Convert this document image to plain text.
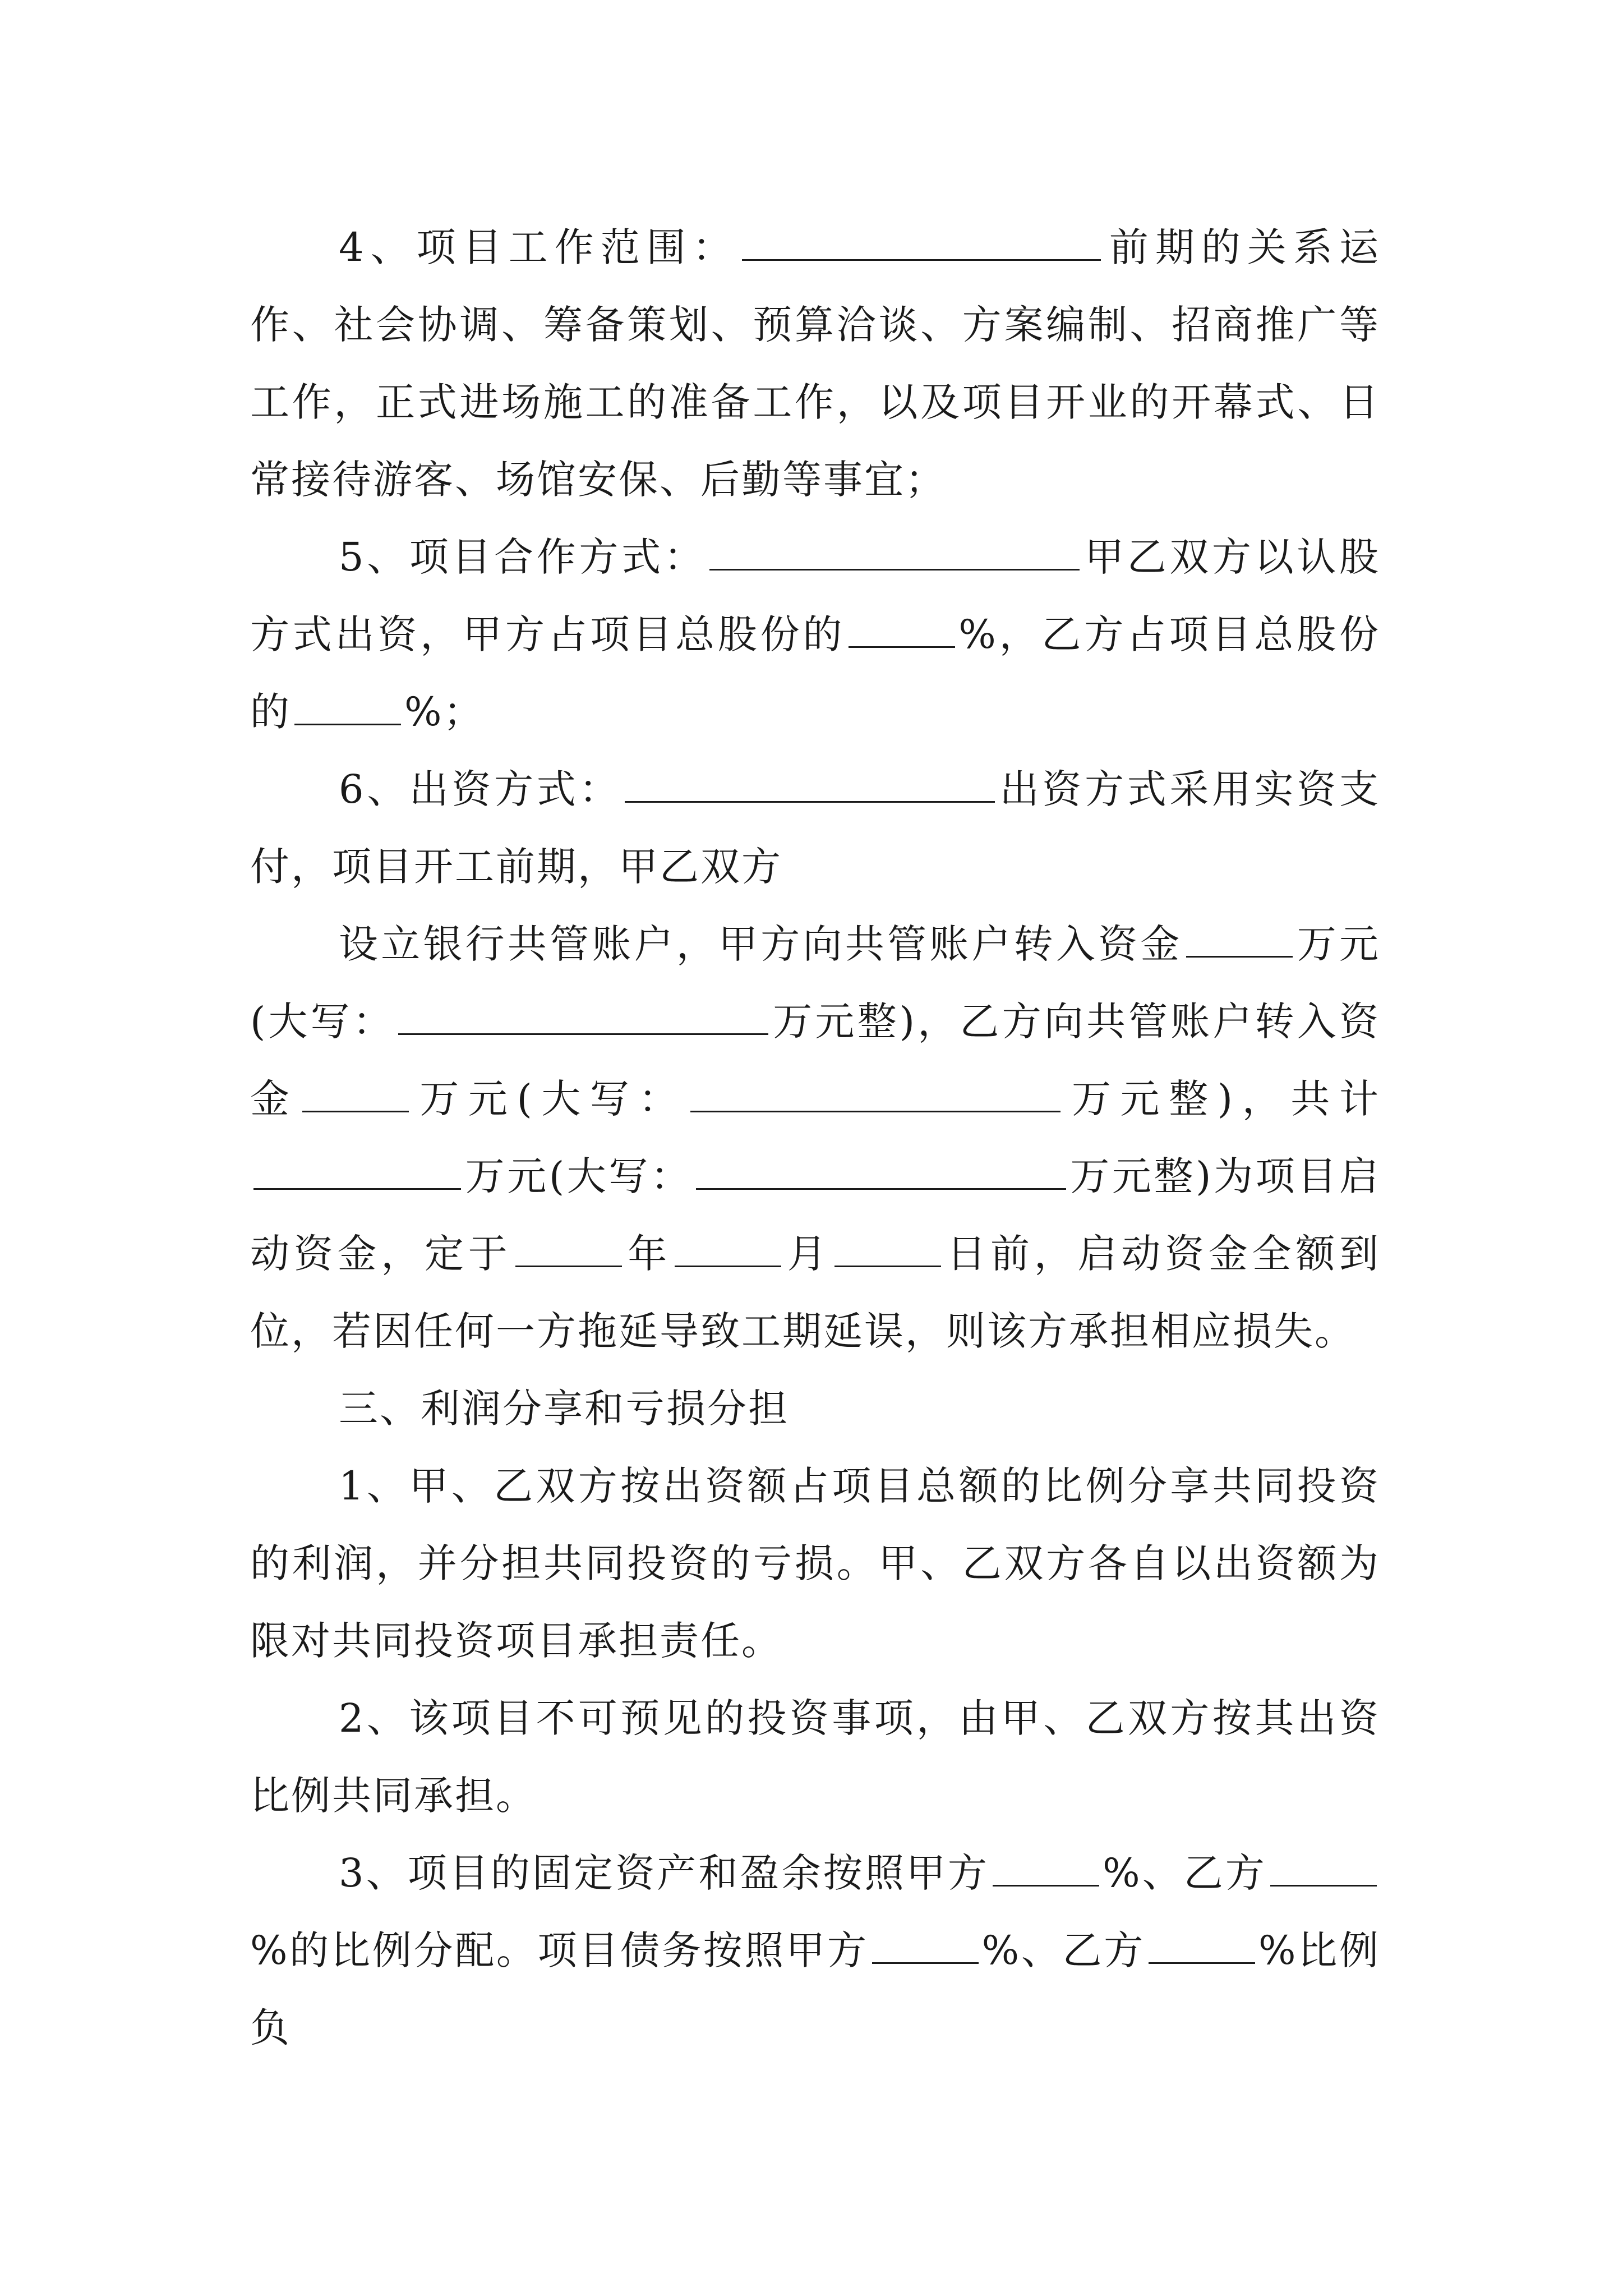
4、项目工作范围：	前期的关系运作、社会协调、筹备策划、预算洽谈、方案编制、招商推广等工作，正式进场施工的准备工作，以及项目开业的开幕式、日常接待游客、场馆安保、后勤等事宜；

5、项目合作方式：	甲乙双方以认股方式出资，甲方占项目总股份的	%，乙方占项目总股份的	%；

6、出资方式：	出资方式采用实资支付，项目开工前期，甲乙双方

设立银行共管账户，甲方向共管账户转入资金	万元(大写：	万元整)，乙方向共管账户转入资金	万元(大写：	万元整)，共计万元(大写：	万元整)为项目启动资金，定于	年	月	日前，启动资金全额到位，若因任何一方拖延导致工期延误，则该方承担相应损失。

三、利润分享和亏损分担

1、甲、乙双方按出资额占项目总额的比例分享共同投资的利润，并分担共同投资的亏损。甲、乙双方各自以出资额为限对共同投资项目承担责任。

2、该项目不可预见的投资事项，由甲、乙双方按其出资比例共同承担。

3、项目的固定资产和盈余按照甲方	%、乙方%的比例分配。项目债务按照甲方	%、乙方	%比例负
